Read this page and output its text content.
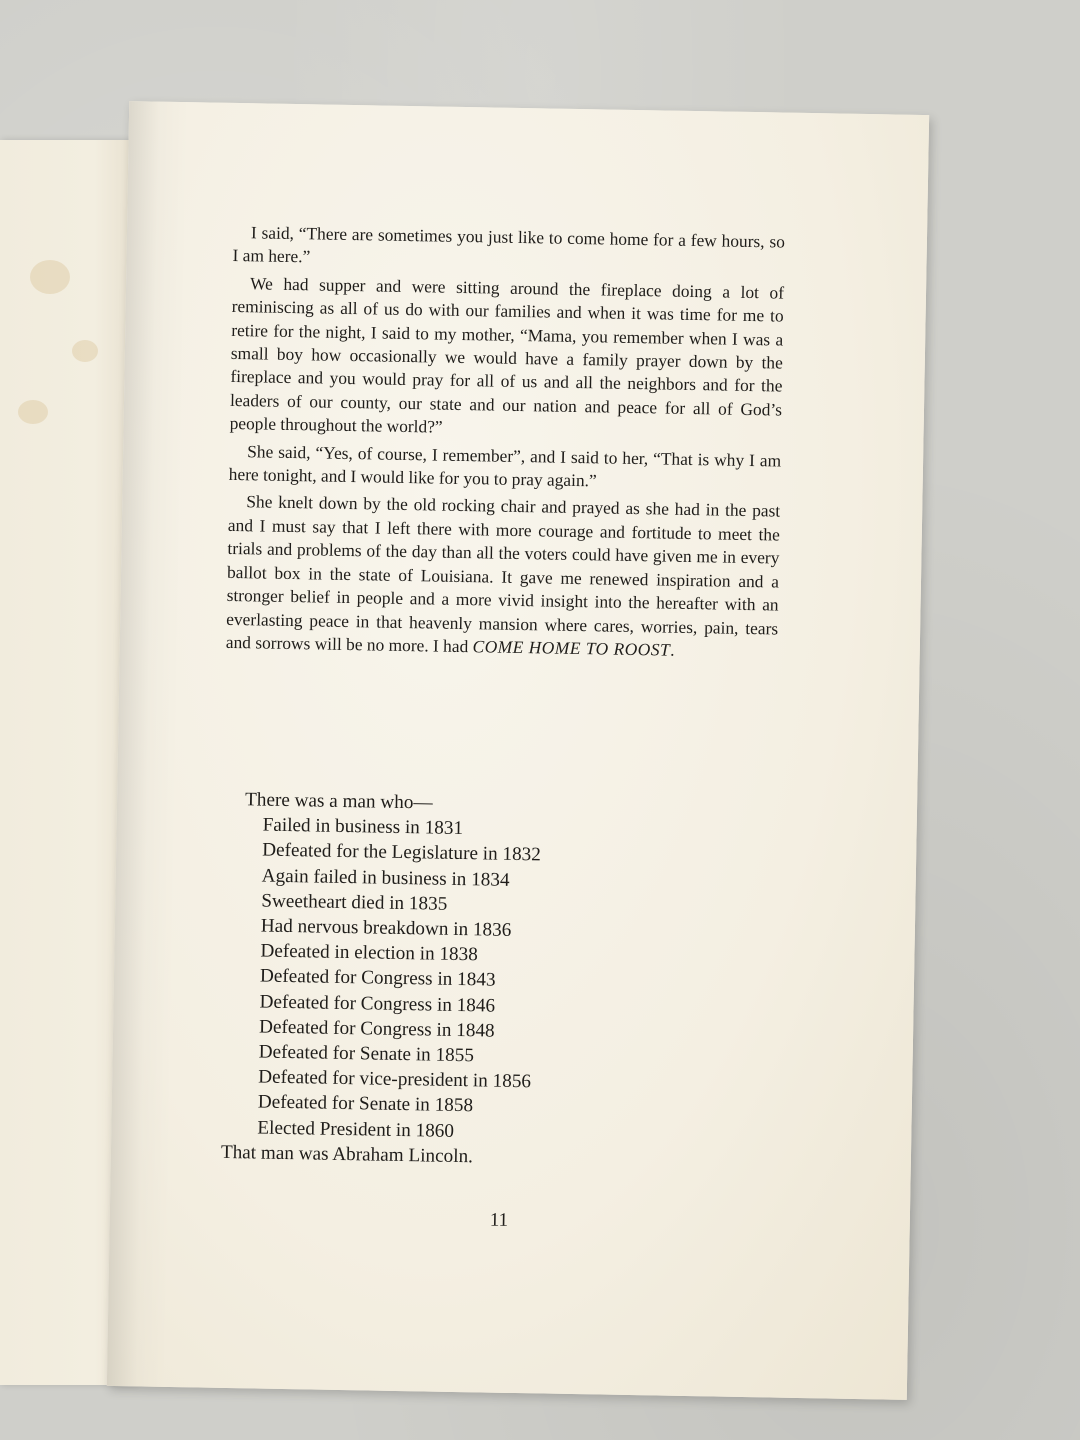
I said, “There are sometimes you just like to come home for a few hours, so I am here.”

We had supper and were sitting around the fireplace doing a lot of reminiscing as all of us do with our families and when it was time for me to retire for the night, I said to my mother, “Mama, you remember when I was a small boy how occasionally we would have a family prayer down by the fireplace and you would pray for all of us and all the neighbors and for the leaders of our county, our state and our nation and peace for all of God’s people throughout the world?”

She said, “Yes, of course, I remember”, and I said to her, “That is why I am here tonight, and I would like for you to pray again.”

She knelt down by the old rocking chair and prayed as she had in the past and I must say that I left there with more courage and fortitude to meet the trials and problems of the day than all the voters could have given me in every ballot box in the state of Louisiana. It gave me renewed inspiration and a stronger belief in people and a more vivid insight into the hereafter with an everlasting peace in that heavenly mansion where cares, worries, pain, tears and sorrows will be no more. I had COME HOME TO ROOST.

There was a man who—
Failed in business in 1831
Defeated for the Legislature in 1832
Again failed in business in 1834
Sweetheart died in 1835
Had nervous breakdown in 1836
Defeated in election in 1838
Defeated for Congress in 1843
Defeated for Congress in 1846
Defeated for Congress in 1848
Defeated for Senate in 1855
Defeated for vice-president in 1856
Defeated for Senate in 1858
Elected President in 1860
That man was Abraham Lincoln.
11
